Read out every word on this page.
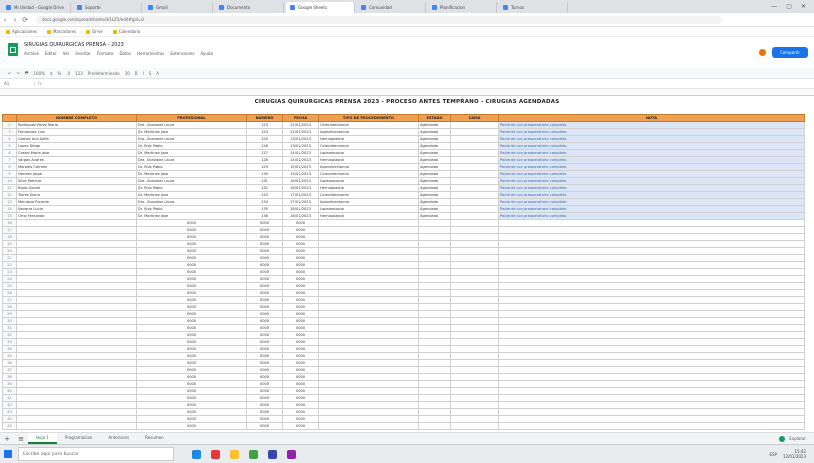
Mi Unidad - Google Drive	Soporte	Gmail	Documento	Google Sheets	Comunidad	Planificacion	Turnos	— ▢ ✕
‹	› ⟳	docs.google.com/spreadsheets/d/1kZ3/edit#gid=0
Aplicaciones	Marcadores	Drive	Calendario
SIRUGIAS QUIRURGICAS PRENSA - 2023
Archivo Editar Ver Insertar Formato Datos Herramientas Extensiones Ayuda	Compartir
↶ ↷ 🖶 100% $ % .0 123 Predeterminado 10 B I S A
A1	fx
CIRUGIAS QUIRURGICAS PRENSA 2023 - PROCESO ANTES TEMPRANO - CIRUGIAS AGENDADAS
	NOMBRE COMPLETO	PROFESIONAL	NÚMERO	FECHA	TIPO DE PROCEDIMIENTO	ESTADO	CAMA	NOTA
2	Rodriguez Perez Maria	Dra. Gonzalez Laura	123	12/01/2023	Colecistectomia	Agendado		Paciente con preoperatorio completo
3	Fernandez Luis	Dr. Martinez Jose	124	12/01/2023	Apendicectomia	Agendado		Paciente con preoperatorio completo
4	Gomez Ana Sofia	Dra. Gonzalez Laura	125	13/01/2023	Hernioplastia	Agendado		Paciente con preoperatorio completo
5	Lopez Diego	Dr. Ruiz Pablo	126	13/01/2023	Colecistectomia	Agendado		Paciente con preoperatorio completo
6	Castro Maria Jose	Dr. Martinez Jose	127	14/01/2023	Laparoscopia	Agendado		Paciente con preoperatorio completo
7	Vargas Andres	Dra. Gonzalez Laura	128	14/01/2023	Hernioplastia	Agendado		Paciente con preoperatorio completo
8	Morales Carmen	Dr. Ruiz Pablo	129	15/01/2023	Apendicectomia	Agendado		Paciente con preoperatorio completo
9	Herrera Jorge	Dr. Martinez Jose	130	15/01/2023	Colecistectomia	Agendado		Paciente con preoperatorio completo
10	Silva Patricia	Dra. Gonzalez Laura	131	16/01/2023	Laparoscopia	Agendado		Paciente con preoperatorio completo
11	Rojas Daniel	Dr. Ruiz Pablo	132	16/01/2023	Hernioplastia	Agendado		Paciente con preoperatorio completo
12	Torres Elena	Dr. Martinez Jose	133	17/01/2023	Colecistectomia	Agendado		Paciente con preoperatorio completo
13	Mendoza Ricardo	Dra. Gonzalez Laura	134	17/01/2023	Apendicectomia	Agendado		Paciente con preoperatorio completo
14	Navarro Lucia	Dr. Ruiz Pablo	135	18/01/2023	Laparoscopia	Agendado		Paciente con preoperatorio completo
15	Ortiz Fernando	Dr. Martinez Jose	136	18/01/2023	Hernioplastia	Agendado		Paciente con preoperatorio completo
16		0000	0000	0000				
17		0000	0000	0000				
18		0000	0000	0000				
19		0000	0000	0000				
20		0000	0000	0000				
21		0000	0000	0000				
22		0000	0000	0000				
23		0000	0000	0000				
24		0000	0000	0000				
25		0000	0000	0000				
26		0000	0000	0000				
27		0000	0000	0000				
28		0000	0000	0000				
29		0000	0000	0000				
30		0000	0000	0000				
31		0000	0000	0000				
32		0000	0000	0000				
33		0000	0000	0000				
34		0000	0000	0000				
35		0000	0000	0000				
36		0000	0000	0000				
37		0000	0000	0000				
38		0000	0000	0000				
39		0000	0000	0000				
40		0000	0000	0000				
41		0000	0000	0000				
42		0000	0000	0000				
43		0000	0000	0000				
44		0000	0000	0000				
45		0000	0000	0000				

+	≡	Hoja 1	Programacion	Anteriores	Resumen	Explorar
Escribe aquí para buscar	ESP	15:42
12/01/2023
